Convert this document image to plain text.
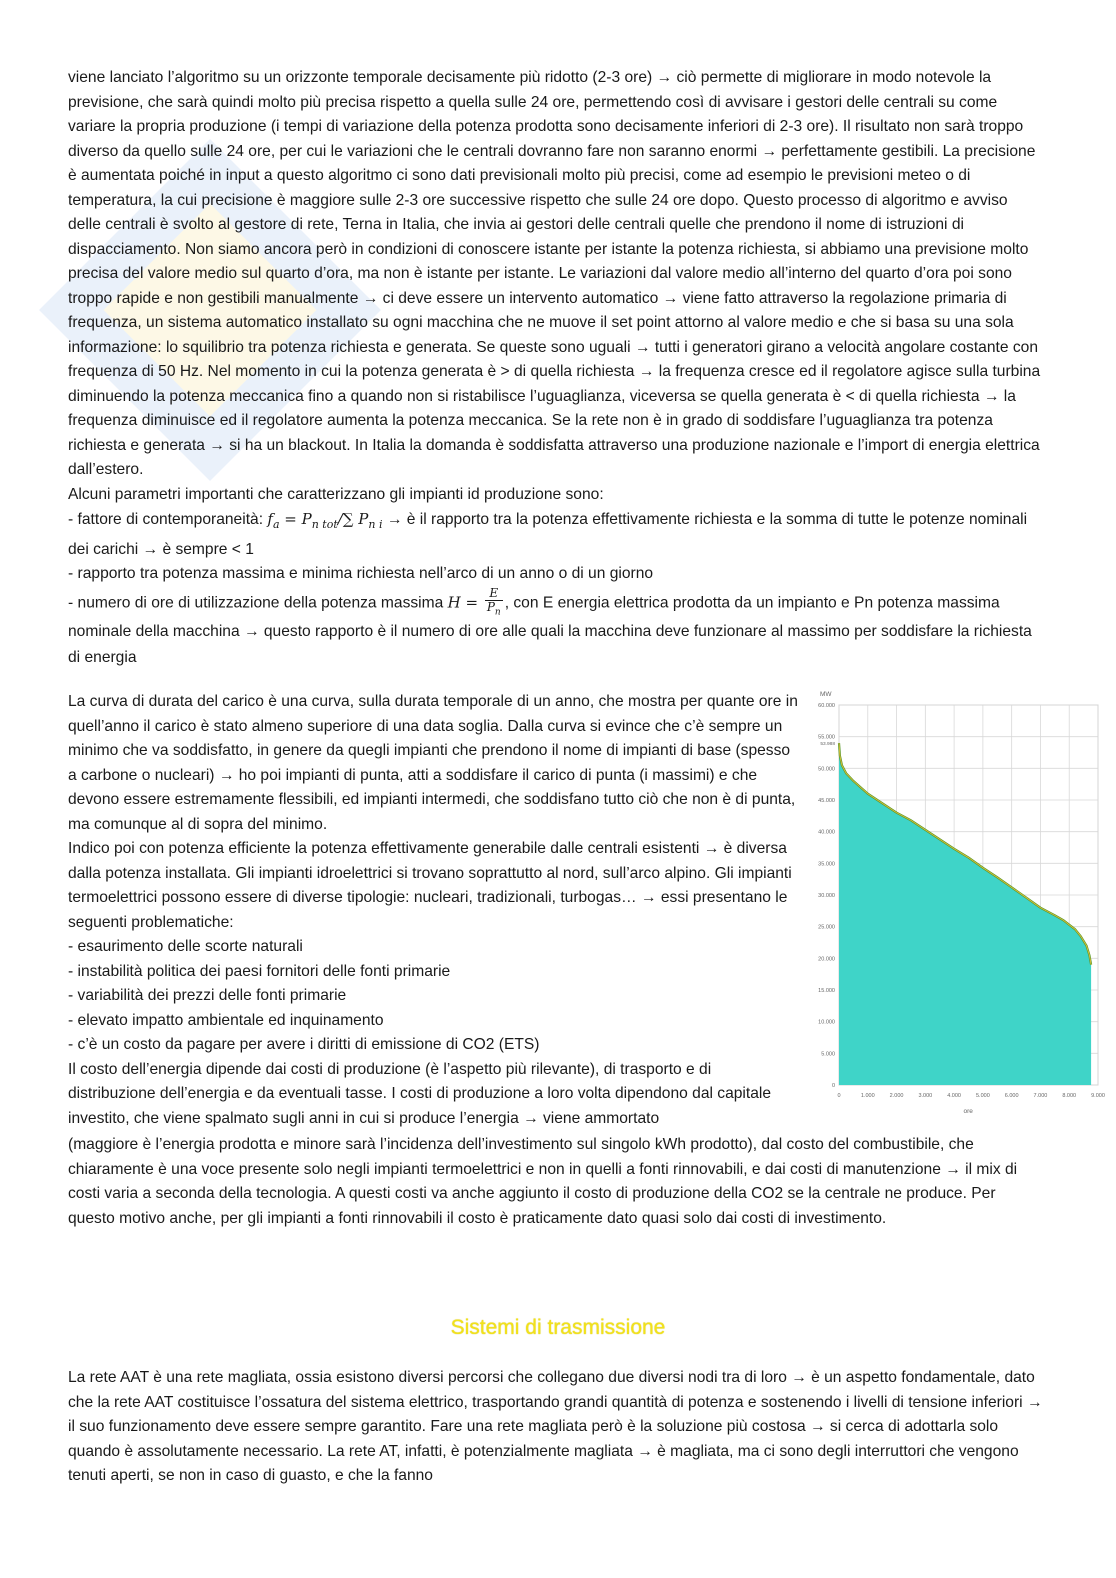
viene lanciato l’algoritmo su un orizzonte temporale decisamente più ridotto (2-3 ore) → ciò permette di migliorare in modo notevole la previsione, che sarà quindi molto più precisa rispetto a quella sulle 24 ore, permettendo così di avvisare i gestori delle centrali su come variare la propria produzione (i tempi di variazione della potenza prodotta sono decisamente inferiori di 2-3 ore). Il risultato non sarà troppo diverso da quello sulle 24 ore, per cui le variazioni che le centrali dovranno fare non saranno enormi → perfettamente gestibili. La precisione è aumentata poiché in input a questo algoritmo ci sono dati previsionali molto più precisi, come ad esempio le previsioni meteo o di temperatura, la cui precisione è maggiore sulle 2-3 ore successive rispetto che sulle 24 ore dopo. Questo processo di algoritmo e avviso delle centrali è svolto al gestore di rete, Terna in Italia, che invia ai gestori delle centrali quelle che prendono il nome di istruzioni di dispacciamento. Non siamo ancora però in condizioni di conoscere istante per istante la potenza richiesta, si abbiamo una previsione molto precisa del valore medio sul quarto d’ora, ma non è istante per istante. Le variazioni dal valore medio all’interno del quarto d’ora poi sono troppo rapide e non gestibili manualmente → ci deve essere un intervento automatico → viene fatto attraverso la regolazione primaria di frequenza, un sistema automatico installato su ogni macchina che ne muove il set point attorno al valore medio e che si basa su una sola informazione: lo squilibrio tra potenza richiesta e generata. Se queste sono uguali → tutti i generatori girano a velocità angolare costante con frequenza di 50 Hz. Nel momento in cui la potenza generata è > di quella richiesta → la frequenza cresce ed il regolatore agisce sulla turbina diminuendo la potenza meccanica fino a quando non si ristabilisce l’uguaglianza, viceversa se quella generata è < di quella richiesta → la frequenza diminuisce ed il regolatore aumenta la potenza meccanica. Se la rete non è in grado di soddisfare l’uguaglianza tra potenza richiesta e generata → si ha un blackout. In Italia la domanda è soddisfatta attraverso una produzione nazionale e l’import di energia elettrica dall’estero.

Alcuni parametri importanti che caratterizzano gli impianti id produzione sono:

- fattore di contemporaneità: $f_a = P_{n tot}/\sum$ $P_{n i}$ → è il rapporto tra la potenza effettivamente richiesta e la somma di tutte le potenze nominali dei carichi → è sempre < 1

- rapporto tra potenza massima e minima richiesta nell’arco di un anno o di un giorno

- numero di ore di utilizzazione della potenza massima $H = \frac{E}{P_n}$ , con E energia elettrica prodotta da un impianto e Pn potenza massima nominale della macchina → questo rapporto è il numero di ore alle quali la macchina deve funzionare al massimo per soddisfare la richiesta di energia

La curva di durata del carico è una curva, sulla durata temporale di un anno, che mostra per quante ore in quell’anno il carico è stato almeno superiore di una data soglia. Dalla curva si evince che c’è sempre un minimo che va soddisfatto, in genere da quegli impianti che prendono il nome di impianti di base (spesso a carbone o nucleari) → ho poi impianti di punta, atti a soddisfare il carico di punta (i massimi) e che devono essere estremamente flessibili, ed impianti intermedi, che soddisfano tutto ciò che non è di punta, ma comunque al di sopra del minimo.

Indico poi con potenza efficiente la potenza effettivamente generabile dalle centrali esistenti → è diversa dalla potenza installata. Gli impianti idroelettrici si trovano soprattutto al nord, sull’arco alpino. Gli impianti termoelettrici possono essere di diverse tipologie: nucleari, tradizionali, turbogas… → essi presentano le seguenti problematiche:

- esaurimento delle scorte naturali

- instabilità politica dei paesi fornitori delle fonti primarie

- variabilità dei prezzi delle fonti primarie

- elevato impatto ambientale ed inquinamento

- c’è un costo da pagare per avere i diritti di emissione di CO2 (ETS)

Il costo dell’energia dipende dai costi di produzione (è l’aspetto più rilevante), di trasporto e di distribuzione dell’energia e da eventuali tasse. I costi di produzione a loro volta dipendono dal capitale investito, che viene spalmato sugli anni in cui si produce l’energia → viene ammortato

(maggiore è l’energia prodotta e minore sarà l’incidenza dell’investimento sul singolo kWh prodotto), dal costo del combustibile, che chiaramente è una voce presente solo negli impianti termoelettrici e non in quelli a fonti rinnovabili, e dai costi di manutenzione → il mix di costi varia a seconda della tecnologia. A questi costi va anche aggiunto il costo di produzione della CO2 se la centrale ne produce. Per questo motivo anche, per gli impianti a fonti rinnovabili il costo è praticamente dato quasi solo dai costi di investimento.

Sistemi di trasmissione

La rete AAT è una rete magliata, ossia esistono diversi percorsi che collegano due diversi nodi tra di loro → è un aspetto fondamentale, dato che la rete AAT costituisce l’ossatura del sistema elettrico, trasportando grandi quantità di potenza e sostenendo i livelli di tensione inferiori → il suo funzionamento deve essere sempre garantito. Fare una rete magliata però è la soluzione più costosa → si cerca di adottarla solo quando è assolutamente necessario. La rete AT, infatti, è potenzialmente magliata → è magliata, ma ci sono degli interruttori che vengono tenuti aperti, se non in caso di guasto, e che la fanno

0
5.000
10.000
15.000
20.000
25.000
30.000
35.000
40.000
45.000
50.000
55.000
60.000
0	1.000	2.000	3.000	4.000	5.000	6.000	7.000	8.000	9.000
MW
ore
53.988
